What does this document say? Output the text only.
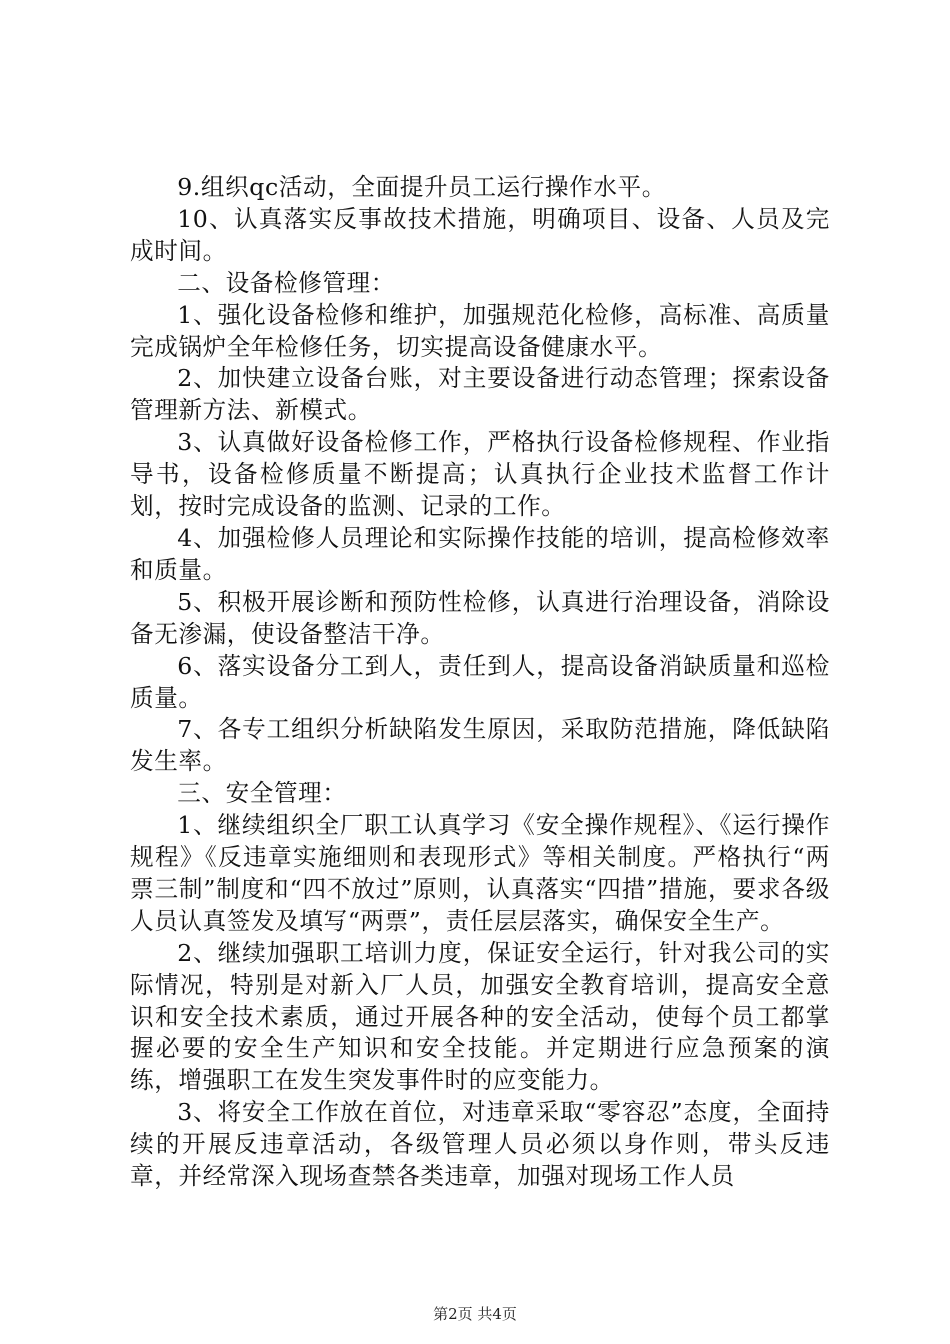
9.组织qc活动，全面提升员工运行操作水平。

10、认真落实反事故技术措施，明确项目、设备、人员及完成时间。

二、设备检修管理：

1、强化设备检修和维护，加强规范化检修，高标准、高质量完成锅炉全年检修任务，切实提高设备健康水平。

2、加快建立设备台账，对主要设备进行动态管理；探索设备管理新方法、新模式。

3、认真做好设备检修工作，严格执行设备检修规程、作业指导书，设备检修质量不断提高；认真执行企业技术监督工作计划，按时完成设备的监测、记录的工作。

4、加强检修人员理论和实际操作技能的培训，提高检修效率和质量。

5、积极开展诊断和预防性检修，认真进行治理设备，消除设备无渗漏，使设备整洁干净。

6、落实设备分工到人，责任到人，提高设备消缺质量和巡检质量。

7、各专工组织分析缺陷发生原因，采取防范措施，降低缺陷发生率。

三、安全管理：

1、继续组织全厂职工认真学习《安全操作规程》、《运行操作规程》《反违章实施细则和表现形式》等相关制度。严格执行“两票三制”制度和“四不放过”原则，认真落实“四措”措施，要求各级人员认真签发及填写“两票”，责任层层落实，确保安全生产。

2、继续加强职工培训力度，保证安全运行，针对我公司的实际情况，特别是对新入厂人员，加强安全教育培训，提高安全意识和安全技术素质，通过开展各种的安全活动，使每个员工都掌握必要的安全生产知识和安全技能。并定期进行应急预案的演练，增强职工在发生突发事件时的应变能力。

3、将安全工作放在首位，对违章采取“零容忍”态度，全面持续的开展反违章活动，各级管理人员必须以身作则，带头反违章，并经常深入现场查禁各类违章，加强对现场工作人员

第2页 共4页
